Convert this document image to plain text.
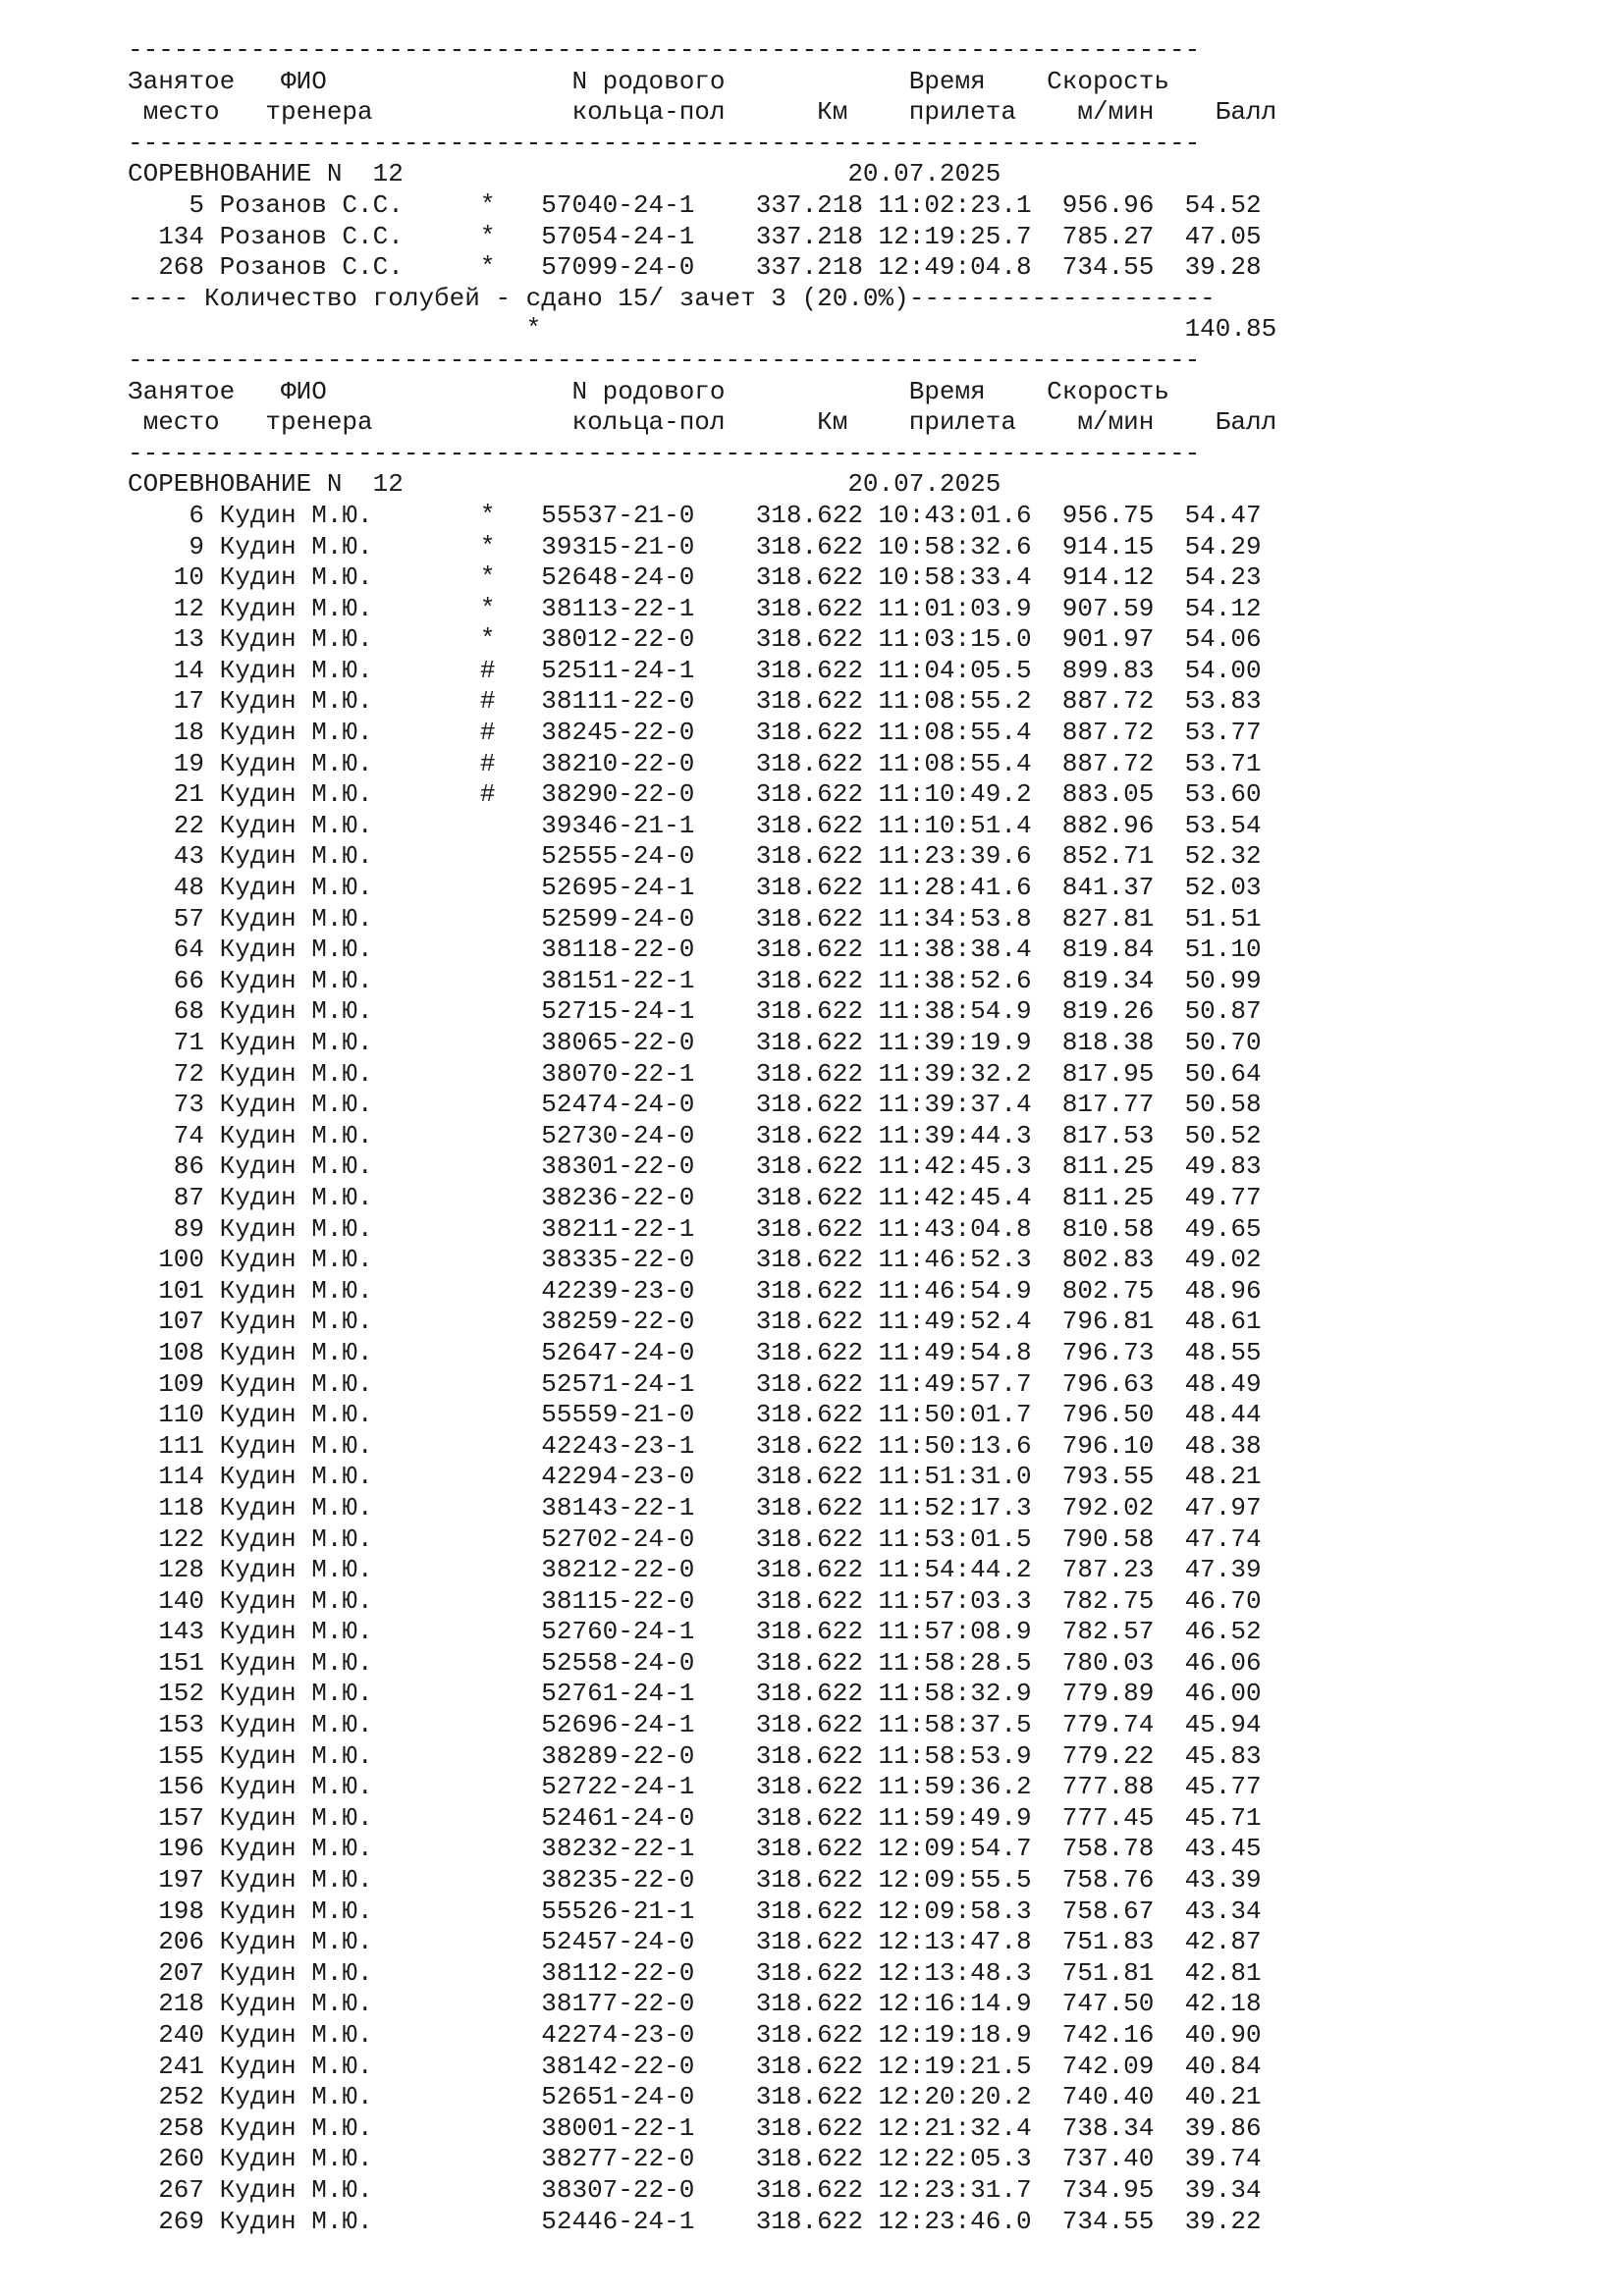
----------------------------------------------------------------------
Занятое   ФИО                N родового            Время    Скорость
место   тренера             кольца-пол      Км    прилета    м/мин    Балл
----------------------------------------------------------------------
СОРЕВНОВАНИЕ N  12                             20.07.2025
5 Розанов С.С.     *   57040-24-1    337.218 11:02:23.1  956.96  54.52
134 Розанов С.С.     *   57054-24-1    337.218 12:19:25.7  785.27  47.05
268 Розанов С.С.     *   57099-24-0    337.218 12:49:04.8  734.55  39.28
---- Количество голубей - сдано 15/ зачет 3 (20.0%)--------------------
*                                          140.85
----------------------------------------------------------------------
Занятое   ФИО                N родового            Время    Скорость
место   тренера             кольца-пол      Км    прилета    м/мин    Балл
----------------------------------------------------------------------
СОРЕВНОВАНИЕ N  12                             20.07.2025
6 Кудин М.Ю.       *   55537-21-0    318.622 10:43:01.6  956.75  54.47
9 Кудин М.Ю.       *   39315-21-0    318.622 10:58:32.6  914.15  54.29
10 Кудин М.Ю.       *   52648-24-0    318.622 10:58:33.4  914.12  54.23
12 Кудин М.Ю.       *   38113-22-1    318.622 11:01:03.9  907.59  54.12
13 Кудин М.Ю.       *   38012-22-0    318.622 11:03:15.0  901.97  54.06
14 Кудин М.Ю.       #   52511-24-1    318.622 11:04:05.5  899.83  54.00
17 Кудин М.Ю.       #   38111-22-0    318.622 11:08:55.2  887.72  53.83
18 Кудин М.Ю.       #   38245-22-0    318.622 11:08:55.4  887.72  53.77
19 Кудин М.Ю.       #   38210-22-0    318.622 11:08:55.4  887.72  53.71
21 Кудин М.Ю.       #   38290-22-0    318.622 11:10:49.2  883.05  53.60
22 Кудин М.Ю.           39346-21-1    318.622 11:10:51.4  882.96  53.54
43 Кудин М.Ю.           52555-24-0    318.622 11:23:39.6  852.71  52.32
48 Кудин М.Ю.           52695-24-1    318.622 11:28:41.6  841.37  52.03
57 Кудин М.Ю.           52599-24-0    318.622 11:34:53.8  827.81  51.51
64 Кудин М.Ю.           38118-22-0    318.622 11:38:38.4  819.84  51.10
66 Кудин М.Ю.           38151-22-1    318.622 11:38:52.6  819.34  50.99
68 Кудин М.Ю.           52715-24-1    318.622 11:38:54.9  819.26  50.87
71 Кудин М.Ю.           38065-22-0    318.622 11:39:19.9  818.38  50.70
72 Кудин М.Ю.           38070-22-1    318.622 11:39:32.2  817.95  50.64
73 Кудин М.Ю.           52474-24-0    318.622 11:39:37.4  817.77  50.58
74 Кудин М.Ю.           52730-24-0    318.622 11:39:44.3  817.53  50.52
86 Кудин М.Ю.           38301-22-0    318.622 11:42:45.3  811.25  49.83
87 Кудин М.Ю.           38236-22-0    318.622 11:42:45.4  811.25  49.77
89 Кудин М.Ю.           38211-22-1    318.622 11:43:04.8  810.58  49.65
100 Кудин М.Ю.           38335-22-0    318.622 11:46:52.3  802.83  49.02
101 Кудин М.Ю.           42239-23-0    318.622 11:46:54.9  802.75  48.96
107 Кудин М.Ю.           38259-22-0    318.622 11:49:52.4  796.81  48.61
108 Кудин М.Ю.           52647-24-0    318.622 11:49:54.8  796.73  48.55
109 Кудин М.Ю.           52571-24-1    318.622 11:49:57.7  796.63  48.49
110 Кудин М.Ю.           55559-21-0    318.622 11:50:01.7  796.50  48.44
111 Кудин М.Ю.           42243-23-1    318.622 11:50:13.6  796.10  48.38
114 Кудин М.Ю.           42294-23-0    318.622 11:51:31.0  793.55  48.21
118 Кудин М.Ю.           38143-22-1    318.622 11:52:17.3  792.02  47.97
122 Кудин М.Ю.           52702-24-0    318.622 11:53:01.5  790.58  47.74
128 Кудин М.Ю.           38212-22-0    318.622 11:54:44.2  787.23  47.39
140 Кудин М.Ю.           38115-22-0    318.622 11:57:03.3  782.75  46.70
143 Кудин М.Ю.           52760-24-1    318.622 11:57:08.9  782.57  46.52
151 Кудин М.Ю.           52558-24-0    318.622 11:58:28.5  780.03  46.06
152 Кудин М.Ю.           52761-24-1    318.622 11:58:32.9  779.89  46.00
153 Кудин М.Ю.           52696-24-1    318.622 11:58:37.5  779.74  45.94
155 Кудин М.Ю.           38289-22-0    318.622 11:58:53.9  779.22  45.83
156 Кудин М.Ю.           52722-24-1    318.622 11:59:36.2  777.88  45.77
157 Кудин М.Ю.           52461-24-0    318.622 11:59:49.9  777.45  45.71
196 Кудин М.Ю.           38232-22-1    318.622 12:09:54.7  758.78  43.45
197 Кудин М.Ю.           38235-22-0    318.622 12:09:55.5  758.76  43.39
198 Кудин М.Ю.           55526-21-1    318.622 12:09:58.3  758.67  43.34
206 Кудин М.Ю.           52457-24-0    318.622 12:13:47.8  751.83  42.87
207 Кудин М.Ю.           38112-22-0    318.622 12:13:48.3  751.81  42.81
218 Кудин М.Ю.           38177-22-0    318.622 12:16:14.9  747.50  42.18
240 Кудин М.Ю.           42274-23-0    318.622 12:19:18.9  742.16  40.90
241 Кудин М.Ю.           38142-22-0    318.622 12:19:21.5  742.09  40.84
252 Кудин М.Ю.           52651-24-0    318.622 12:20:20.2  740.40  40.21
258 Кудин М.Ю.           38001-22-1    318.622 12:21:32.4  738.34  39.86
260 Кудин М.Ю.           38277-22-0    318.622 12:22:05.3  737.40  39.74
267 Кудин М.Ю.           38307-22-0    318.622 12:23:31.7  734.95  39.34
269 Кудин М.Ю.           52446-24-1    318.622 12:23:46.0  734.55  39.22
